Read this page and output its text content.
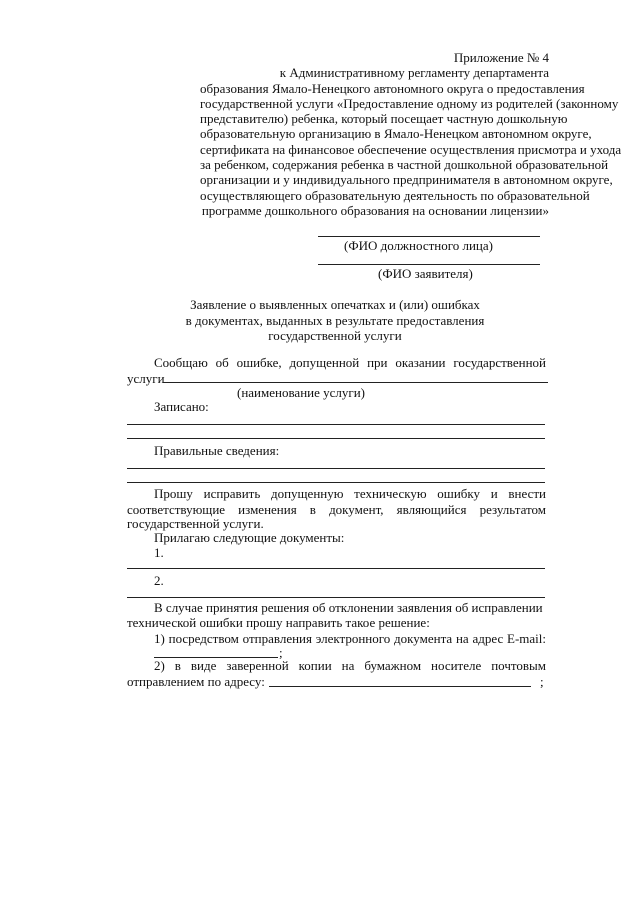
Приложение № 4
к Административному регламенту департамента
образования Ямало-Ненецкого автономного округа о предоставления
государственной услуги «Предоставление одному из родителей (законному
представителю) ребенка, который посещает частную дошкольную
образовательную организацию в Ямало-Ненецком автономном округе,
сертификата на финансовое обеспечение осуществления присмотра и ухода
за ребенком, содержания ребенка в частной дошкольной образовательной
организации и у индивидуального предпринимателя в автономном округе,
осуществляющего образовательную деятельность по образовательной
программе дошкольного образования на основании лицензии»
(ФИО должностного лица)
(ФИО заявителя)
Заявление о выявленных опечатках и (или) ошибках
в документах, выданных в результате предоставления
государственной услуги
Сообщаю об ошибке, допущенной при оказании государственной
услуги
(наименование услуги)
Записано:
Правильные сведения:
Прошу исправить допущенную техническую ошибку и внести
соответствующие изменения в документ, являющийся результатом
государственной услуги.
Прилагаю следующие документы:
1.
2.
В случае принятия решения об отклонении заявления об исправлении
технической ошибки прошу направить такое решение:
1) посредством отправления электронного документа на адрес E-mail:
;
2) в виде заверенной копии на бумажном носителе почтовым
отправлением по адресу:	;
